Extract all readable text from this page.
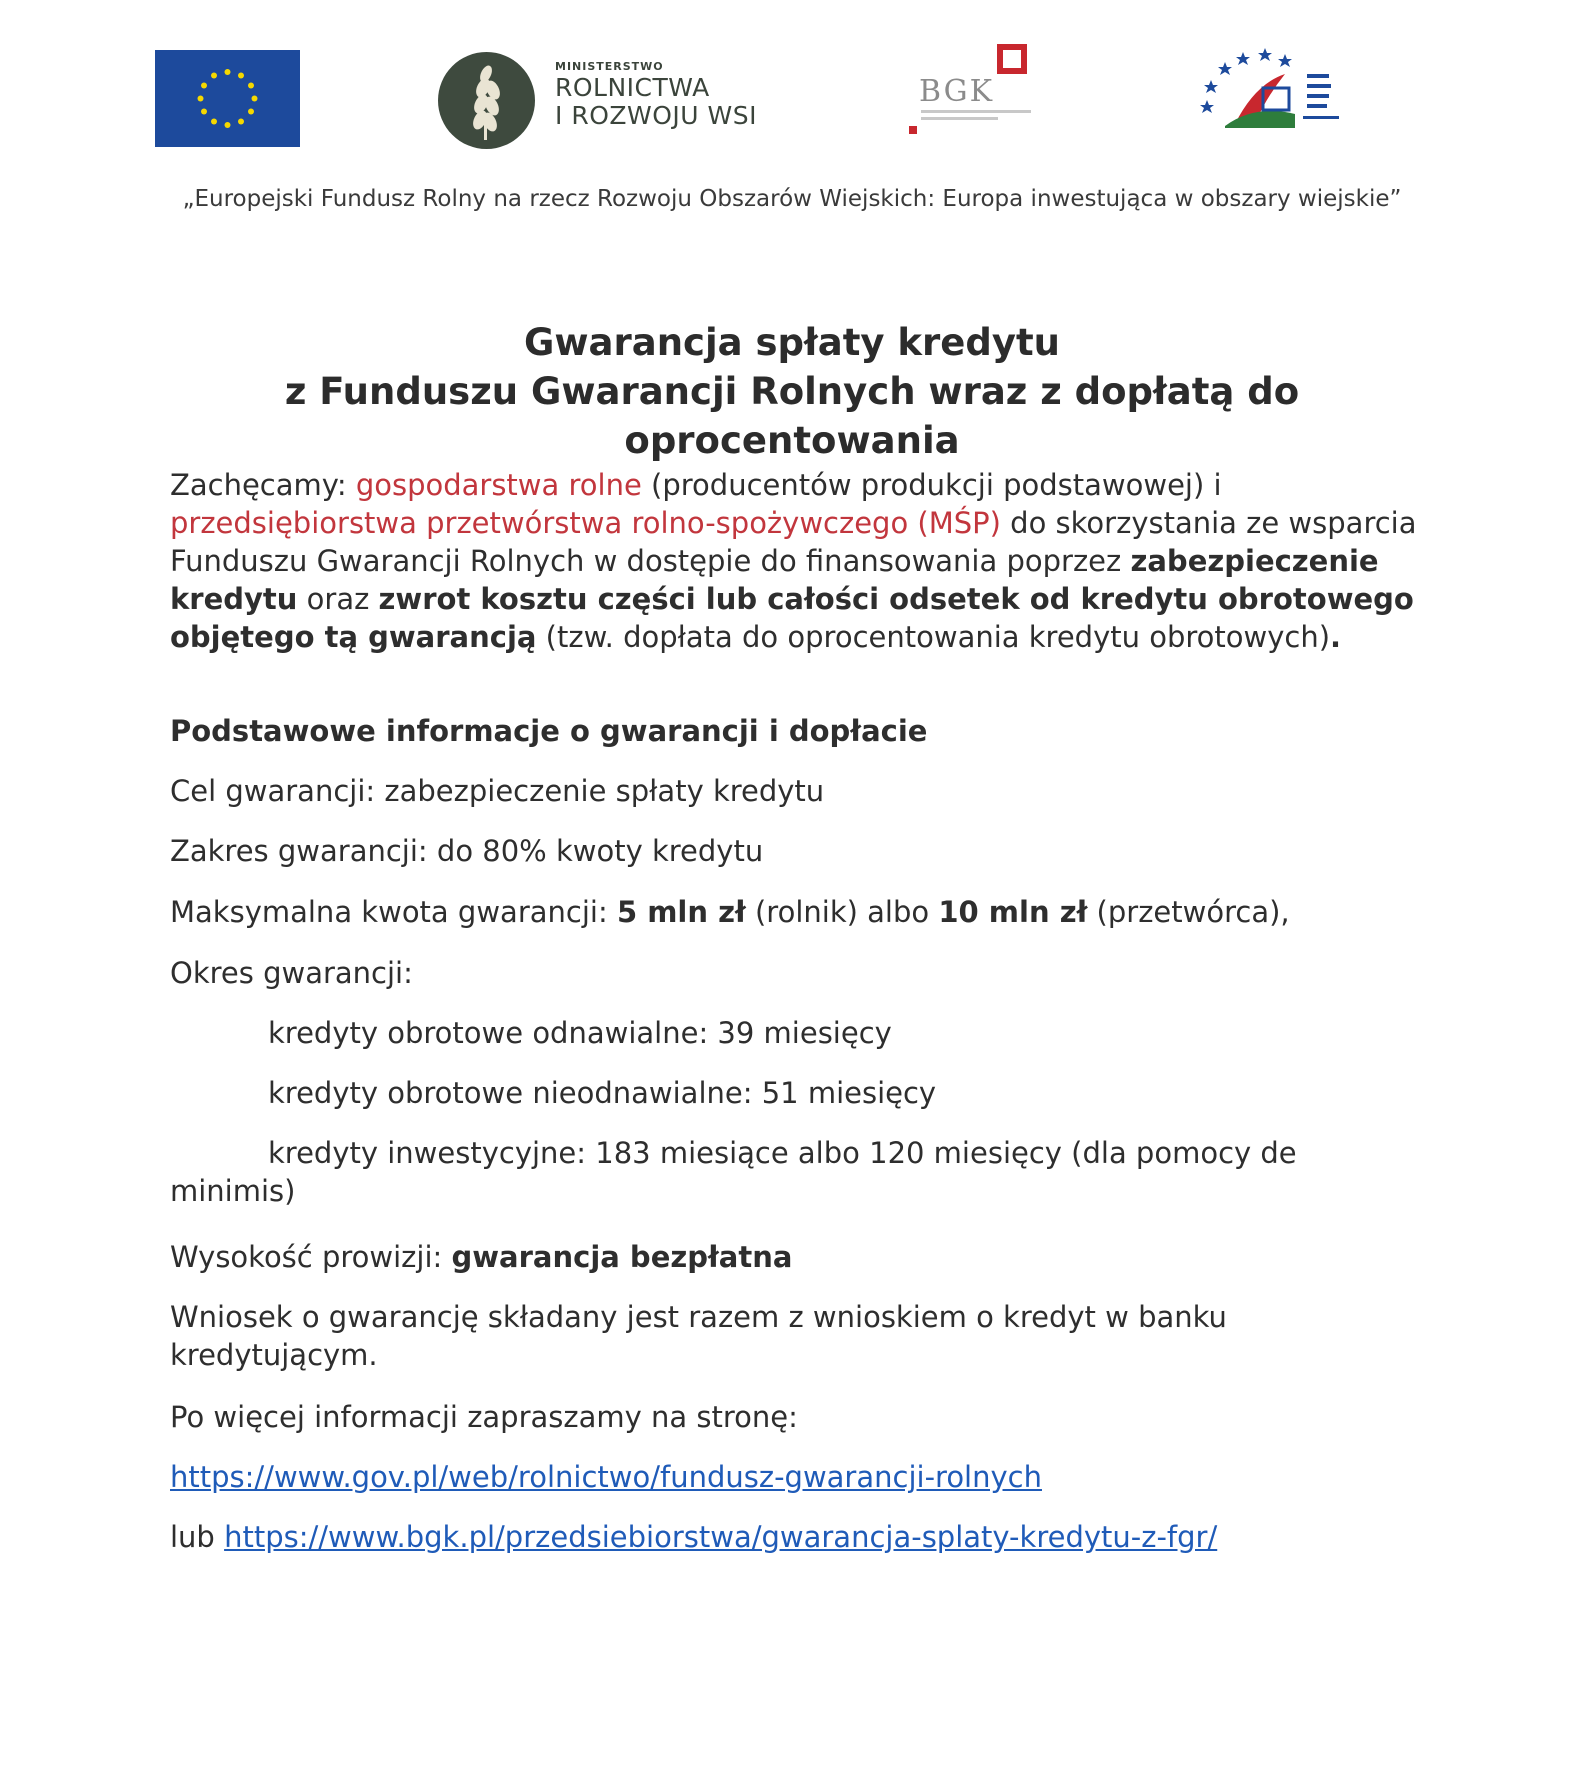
MINISTERSTWO
ROLNICTWA
I ROZWOJU WSI
BGK
„Europejski Fundusz Rolny na rzecz Rozwoju Obszarów Wiejskich: Europa inwestująca w obszary wiejskie”
Gwarancja spłaty kredytu
z Funduszu Gwarancji Rolnych wraz z dopłatą do
oprocentowania
Zachęcamy: gospodarstwa rolne (producentów produkcji podstawowej) i przedsiębiorstwa przetwórstwa rolno-spożywczego (MŚP) do skorzystania ze wsparcia Funduszu Gwarancji Rolnych w dostępie do finansowania poprzez zabezpieczenie kredytu oraz zwrot kosztu części lub całości odsetek od kredytu obrotowego objętego tą gwarancją (tzw. dopłata do oprocentowania kredytu obrotowych).
Podstawowe informacje o gwarancji i dopłacie
Cel gwarancji: zabezpieczenie spłaty kredytu
Zakres gwarancji: do 80% kwoty kredytu
Maksymalna kwota gwarancji: 5 mln zł (rolnik) albo 10 mln zł (przetwórca),
Okres gwarancji:
kredyty obrotowe odnawialne: 39 miesięcy
kredyty obrotowe nieodnawialne: 51 miesięcy
kredyty inwestycyjne: 183 miesiące albo 120 miesięcy (dla pomocy de
minimis)
Wysokość prowizji: gwarancja bezpłatna
Wniosek o gwarancję składany jest razem z wnioskiem o kredyt w banku kredytującym.
Po więcej informacji zapraszamy na stronę:
https://www.gov.pl/web/rolnictwo/fundusz-gwarancji-rolnych
lub https://www.bgk.pl/przedsiebiorstwa/gwarancja-splaty-kredytu-z-fgr/
